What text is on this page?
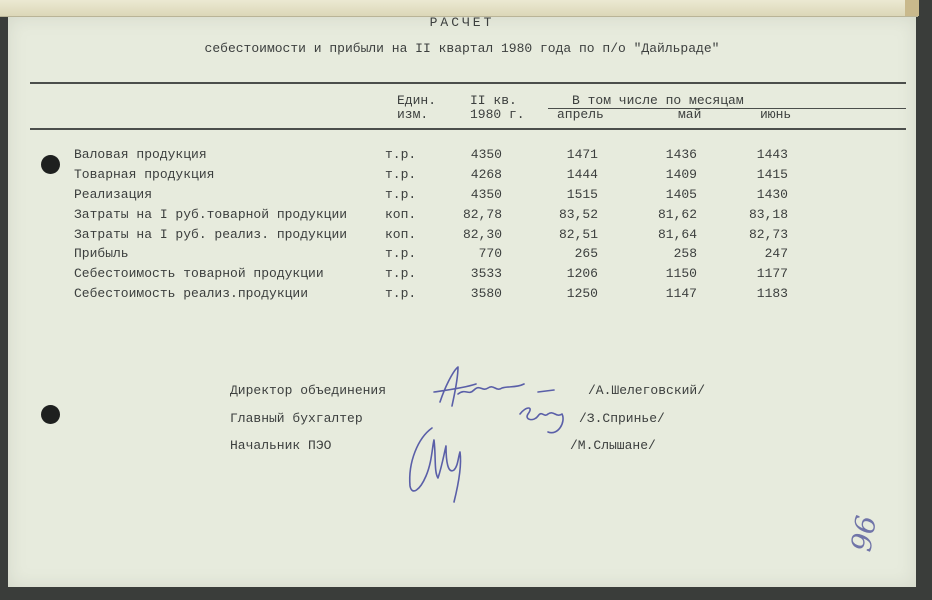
РАСЧЕТ
себестоимости и прибыли на II квартал 1980 года по п/о "Дайльраде"
Един.
изм.
II кв.
1980 г.
В том числе по месяцам
апрель	май	июнь
Валовая продукция	т.р.	4350	1471	1436	1443
Товарная продукция	т.р.	4268	1444	1409	1415
Реализация	т.р.	4350	1515	1405	1430
Затраты на I руб.товарной продукции	коп.	82,78	83,52	81,62	83,18
Затраты на I руб. реализ. продукции	коп.	82,30	82,51	81,64	82,73
Прибыль	т.р.	770	265	258	247
Себестоимость товарной продукции	т.р.	3533	1206	1150	1177
Себестоимость реализ.продукции	т.р.	3580	1250	1147	1183
Директор объединения	/А.Шелеговский/
Главный бухгалтер	/З.Спринье/
Начальник ПЭО	/М.Слышане/
96
